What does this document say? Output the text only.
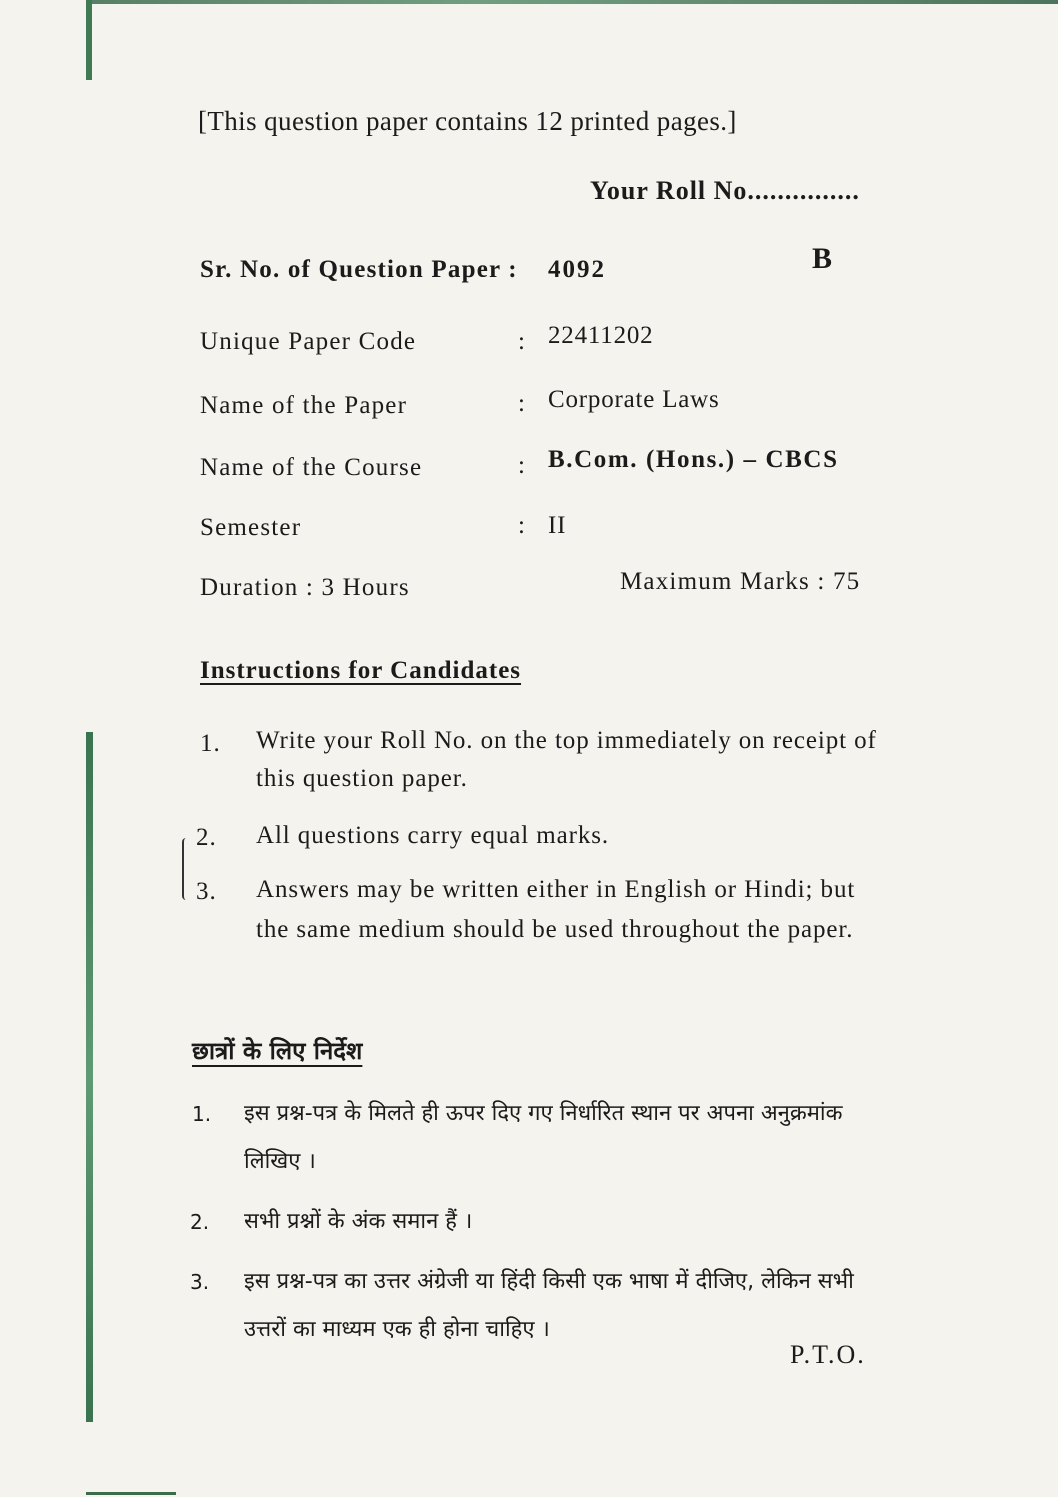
[This question paper contains 12 printed pages.]
Your Roll No...............
B
Sr. No. of Question Paper : 4092
Unique Paper Code	: 22411202
Name of the Paper	: Corporate Laws
Name of the Course	: B.Com. (Hons.) – CBCS
Semester	: II
Duration : 3 Hours	Maximum Marks : 75
Instructions for Candidates
1. Write your Roll No. on the top immediately on receipt of this question paper.
2. All questions carry equal marks.
3. Answers may be written either in English or Hindi; but the same medium should be used throughout the paper.
छात्रों के लिए निर्देश
1. इस प्रश्न-पत्र के मिलते ही ऊपर दिए गए निर्धारित स्थान पर अपना अनुक्रमांक लिखिए ।
2. सभी प्रश्नों के अंक समान हैं ।
3. इस प्रश्न-पत्र का उत्तर अंग्रेजी या हिंदी किसी एक भाषा में दीजिए, लेकिन सभी उत्तरों का माध्यम एक ही होना चाहिए ।
P.T.O.
